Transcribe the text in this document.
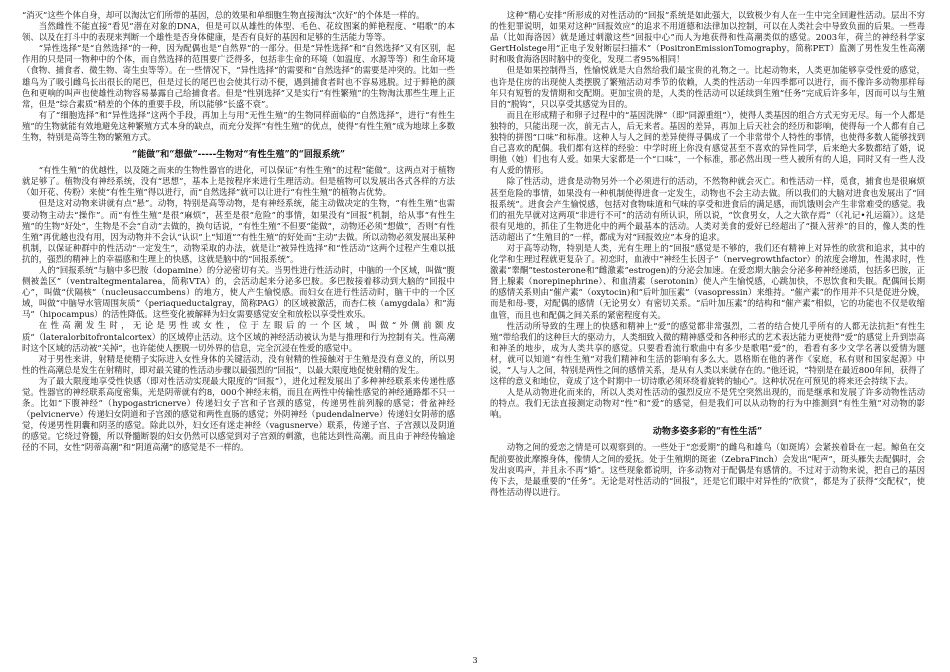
“消灭”这些个体自身，却可以淘汰它们所带的基因，总的效果和单细胞生物直接淘汰“次好”的个体是一样的。

当然雌性不能直接“看见”潜在对象的DNA，但是可以从雄性的体型、毛色、花纹图案的鲜艳程度、“唱歌”的本领、以及在打斗中的表现来判断一个雄性是否身体健康，是否有良好的基因和足够的生活能力等等。

“异性选择”是“自然选择”的一种，因为配偶也是“自然界”的一部分。但是“异性选择”和“自然选择”又有区别，起作用的只是同一物种中的个体，而自然选择的范围要广泛得多，包括非生命的环境（如温度、水源等等）和生命环境（食物、捕食者、微生物、寄生虫等等）。在一些情况下，“异性选择”的需要和“自然选择”的需要是冲突的。比如一些雄鸟为了吸引雌鸟长出很长的尾巴，但是过长的尾巴也会使其行动不便，遇到捕食者时也不容易逃脱。过于鲜艳的颜色和更响的叫声也使雄性动物容易暴露自己给捕食者。但是“性别选择”又是实行“有性繁殖”的生物淘汰那些生理上正常，但是“综合素质”稍差的个体的重要手段，所以能够“长盛不衰”。

有了“细胞选择”和“异性选择”这两个手段，再加上与用“无性生殖”的生物同样面临的“自然选择”，进行“有性生殖”的生物就能有效地避免这种繁殖方式本身的缺点，而充分发挥“有性生殖”的优点，使得“有性生殖”成为地球上多数生物，特别是高等生物的繁殖方式。

“能做”和“想做”-----生物对“有性生殖”的“回报系统”

“有性生殖”的优越性，以及随之而来的生物性器官的进化，可以保证“有性生殖”的过程“能做”。这两点对于植物就足够了。植物没有神经系统，没有“思想”，基本上是按程序来进行生理活动。但是植物可以发展出各式各样的方法（如开花、传粉）来使“有性生殖”得以进行，而“自然选择”就可以让进行“有性生殖”的植物占优势。

但是这对动物来讲就有点“悬”。动物，特别是高等动物，是有神经系统，能主动做决定的生物，“有性生殖”也需要动物主动去“操作”。而“有性生殖”是很“麻烦”，甚至是很“危险”的事情，如果没有“回报”机制，给从事“有性生殖”的生物“好处”，生物是不会“自动”去做的，换句话说，“有性生殖”不但要“能做”，动物还必须“想做”，否则“有性生殖”再优越也没有用，因为动物并不会认“认识”上“知道”“有性生殖”的好处而“主动”去做。所以动物必须发展出某种机制，以保证种群中的性活动“一定发生”，动物采取的办法，就是让“被异性选择”和“性活动”这两个过程产生难以抵抗的，强烈的精神上的幸福感和生理上的快感，这就是脑中的“回报系统”。

人的“回报系统”与脑中多巴胺（dopamine）的分泌密切有关。当男性进行性活动时，中脑的一个区域，叫做“腹侧被盖区”（ventraltegmentalarea，简称VTA）的，会活动起来分泌多巴胺。多巴胺接着移动到大脑的“回报中心”，叫做“伏隔核”（nucleusaccumbens）的地方，使人产生愉悦感。而妇女在进行性活动时，脑干中的一个区域，叫做“中脑导水管周围灰质”（periaqueductalgray，简称PAG）的区域被激活，而杏仁核（amygdala）和“海马”（hipocampus）的活性降低。这些变化被解释为妇女需要感觉安全和放松以享受性欢乐。

在性高潮发生时，无论是男性或女性，位于左眼后的一个区域，叫做“外侧前额皮质”（lateralorbitofrontalcortex）的区域停止活动。这个区域的神经活动被认为是与推理和行为控制有关。性高潮时这个区域的活动被“关掉”，也许能使人摆脱一切外界的信息，完全沉浸在性爱的感觉中。

对于男性来讲，射精是使精子实际进入女性身体的关键活动，没有射精的性接触对于生殖是没有意义的，所以男性的性高潮总是发生在射精时，即对最关键的性活动步骤以最强烈的“回报”，以最大限度地促使射精的发生。

为了最大限度地享受性快感（即对性活动实现最大限度的“回报”），进化过程发展出了多种神经联系来传递性感觉。性器官的神经联系高度密集，光是阴蒂就有约8，000个神经末梢，而且在两性中传输性感觉的神经通路都不只一条。比如“下腹神经”（hypogastricnerve）传递妇女子宫和子宫颈的感觉，传递男性前列腺的感觉；骨盆神经（pelvicnerve）传递妇女阴道和子宫颈的感觉和两性直肠的感觉；外阴神经（pudendalnerve）传递妇女阴蒂的感觉，传递男性阴囊和阴茎的感觉。除此以外，妇女还有迷走神经（vagusnerve）联系，传递子宫、子宫颈以及阴道的感觉。它绕过脊髓，所以脊髓断裂的妇女仍然可以感觉到对子宫颈的刺激，也能达到性高潮。而且由于神经传输途径的不同，女性“阴蒂高潮”和“阴道高潮”的感觉是不一样的。

这种“精心安排”所形成的对性活动的“回报”系统是如此强大，以致极少有人在一生中完全回避性活动。层出不穷的性犯罪说明，如果对这种“回报效应”的追求不用道德和法律加以控制，可以在人类社会中导致负面的后果。一些毒品（比如海洛因）就是通过刺激这些“回报中心”而人为地获得和性高潮类似的感觉。2003年，荷兰的神经科学家GertHolstege用“正电子发射断层扫描术”（PositronEmissionTomography，简称PET）监测了男性发生性高潮时和吸食海洛因时脑中的变化，发现二者95%相同！

但是如果控制得当，性愉悦就是大自然给我们最宝贵的礼物之一。比起动物来，人类更加能够享受性爱的感觉，也许是住房的出现使人类摆脱了繁殖活动对季节的依赖，人类的性活动一年四季都可以进行，而不像许多动物那样每年只有短暂的发情期和交配期。更加宝贵的是，人类的性活动可以延续到生殖“任务”完成后许多年，因而可以与生殖目的“脱钩”，只以享受其感觉为目的。

而且在形成精子和卵子过程中的“基因洗牌”（即“同源重组”），使得人类基因的组合方式无穷无尽。每一个人都是独特的，只能出现一次，前无古人，后无来者。基因的差异，再加上后天社会的经历和影响，使得每一个人都有自己独特的拼图“口味”和标准。这种人与人之间的差异使得寻偶成了一个非常带个人特性的事情，也使得多数人能够找到自己喜欢的配偶。我们都有这样的经验：中学时班上你没有感觉甚至不喜欢的异性同学，后来绝大多数都结了婚，说明他（她）们也有人爱。如果大家都是一个“口味”，一个标准，那必然出现一些人被所有的人追，同时又有一些人没有人爱的情形。

除了性活动，进食是动物另外一个必须进行的活动，不然物种就会灭亡。和性活动一样，觅食，捕食也是很麻烦甚至危险的事情，如果没有一种机制使得进食一定发生，动物也不会主动去做。所以我们的大脑对进食也发展出了“回报系统”。进食会产生愉悦感，包括对食物味道和气味的享受和进食后的满足感，而饥饿则会产生非常难受的感觉。我们的祖先早就对这两项“非进行不可”的活动有所认识，所以说，“饮食男女，人之大欲存焉”（《礼记•礼运篇》）。这是很有见地的，抓住了生物进化中的两个最基本的活动。人类对美食的爱好已经超出了“摄入营养”的目的，像人类的性活动超出了“生殖目的”一样，都成为对“回报效应”本身的追求。

对于高等动物，特别是人类，光有生理上的“回报”感觉是不够的，我们还有精神上对异性的欣赏和追求，其中的化学和生理过程就更复杂了。初恋时，血液中“神经生长因子”（nervegrowthfactor）的浓度会增加，性渴求时，性激素“睾酮”testosterone和“雌激素”estrogen)的分泌会加速。在爱恋期大脑会分泌多种神经递质，包括多巴胺，正肾上腺素（norepinephrine）、和血清素（serotonin）使人产生愉悦感，心跳加快，不思饮食和失眠。配偶间长期的感情关系则由“催产素”（oxytocin)和“后叶加压素”（vasopressin）来维持。“催产素”的作用并不只是促进分娩，而是和母-婴，对配偶的感情（无论男女）有密切关系。“后叶加压素”的结构和“催产素”相似，它的功能也不仅是收缩血管，而且也和配偶之间关系的紧密程度有关。

性活动所导致的生理上的快感和精神上“爱”的感觉都非常强烈，二者的结合使几乎所有的人都无法抗拒“有性生殖”带给我们的这种巨大的驱动力，人类细致入微的精神感受和各种形式的艺术表达能力更使得“爱”的感觉上升到崇高和神圣的地步，成为人类共享的感觉。只要看看流行歌曲中有多少是歌唱“爱”的，看看有多少文学名著以爱情为题材，就可以知道“有性生殖”对我们精神和生活的影响有多么大。恩格斯在他的著作《家庭，私有财和国家起源》中说，“人与人之间，特别是两性之间的感情关系，是从有人类以来就存在的。”他还说，“特别是在最近800年间，获得了这样的意义和地位，竟成了这个时期中一切诗歌必须环绕着旋转的轴心”。这种状况在可预见的将来还会持续下去。

人是从动物进化而来的，所以人类对性活动的强烈反应不是凭空突然出现的，而是继承和发展了许多动物性活动的特点。我们无法直接测定动物对“性”和“爱”的感觉，但是我们可以从动物的行为中推测到“有性生殖”对动物的影响。

动物多姿多彩的“有性生活”

动物之间的爱恋之情是可以观察到的。一些处于“恋爱期”的雌鸟和雄鸟（如斑鸠）会紧挨着卧在一起。鲸鱼在交配前要彼此摩擦身体，像情人之间的爱抚。处于生殖期的斑雀（ZebraFinch）会发出“呢声”，斑头雁失去配偶时，会发出哀鸣声，并且永不再“婚”。这些现象都说明，许多动物对于配偶是有感情的。不过对于动物来说，把自己的基因传下去，是最重要的“任务”。无论是对性活动的“回报”，还是它们眼中对异性的“欣赏”，都是为了获得“交配权”，使得性活动得以进行。

3
